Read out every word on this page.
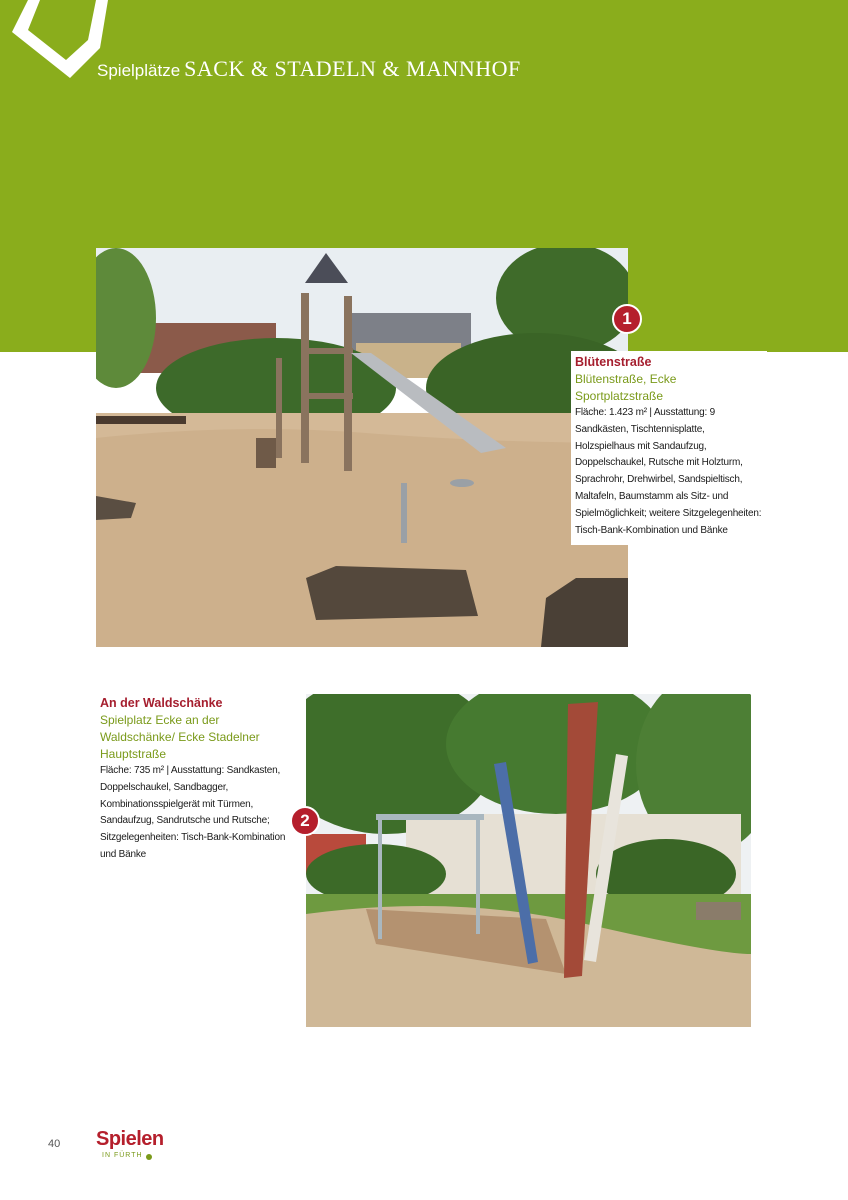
Spielplätze SACK & STADELN & MANNHOF
1
Blütenstraße
Blütenstraße, Ecke Sportplatzstraße
Fläche: 1.423 m² | Ausstattung: 9 Sandkästen, Tischtennisplatte, Holzspielhaus mit Sandaufzug, Doppelschaukel, Rutsche mit Holzturm, Sprachrohr, Drehwirbel, Sandspieltisch, Maltafeln, Baumstamm als Sitz- und Spielmöglichkeit; weitere Sitzgelegenheiten: Tisch-Bank-Kombination und Bänke
An der Waldschänke
Spielplatz Ecke an der Waldschänke/ Ecke Stadelner Hauptstraße
Fläche: 735 m² | Ausstattung: Sandkasten, Doppelschaukel, Sandbagger, Kombinationsspielgerät mit Türmen, Sandaufzug, Sandrutsche und Rutsche; Sitzgelegenheiten: Tisch-Bank-Kombination und Bänke
2
40 Spielen
IN FÜRTH
